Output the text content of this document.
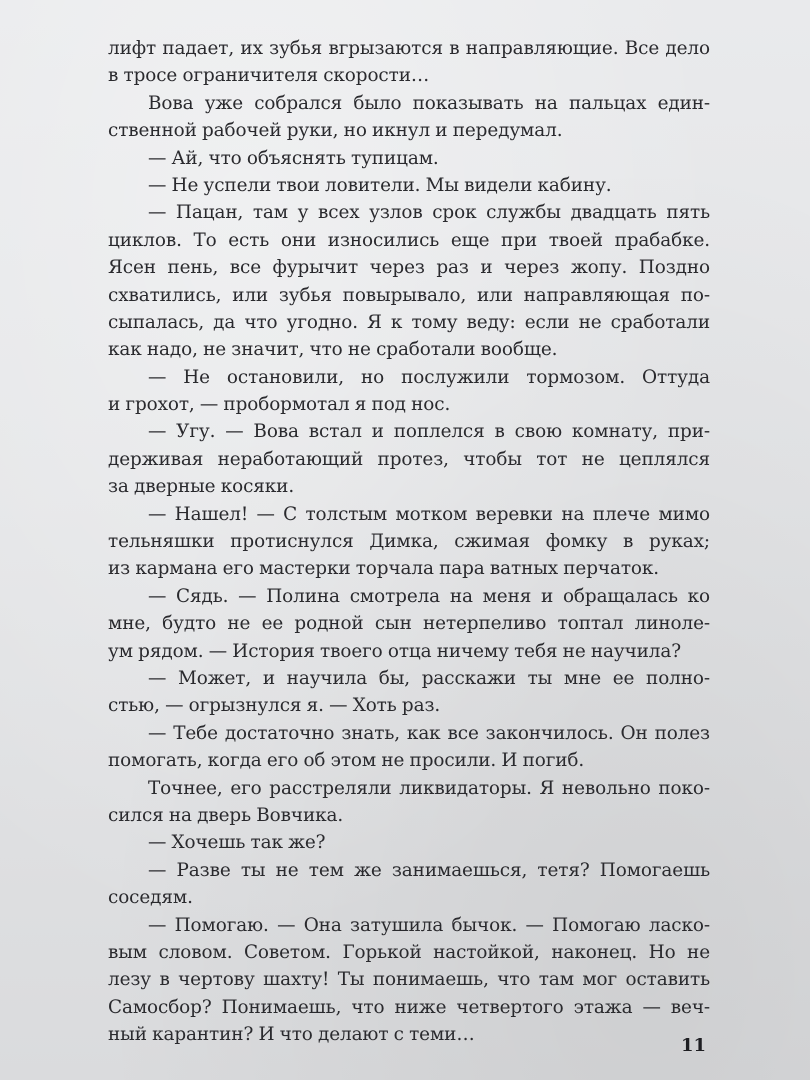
лифт падает, их зубья вгрызаются в направляющие. Все дело
в тросе ограничителя скорости…
Вова уже собрался было показывать на пальцах един-
ственной рабочей руки, но икнул и передумал.
— Ай, что объяснять тупицам.
— Не успели твои ловители. Мы видели кабину.
— Пацан, там у всех узлов срок службы двадцать пять
циклов. То есть они износились еще при твоей прабабке.
Ясен пень, все фурычит через раз и через жопу. Поздно
схватились, или зубья повырывало, или направляющая по-
сыпалась, да что угодно. Я к тому веду: если не сработали
как надо, не значит, что не сработали вообще.
— Не остановили, но послужили тормозом. Оттуда
и грохот, — пробормотал я под нос.
— Угу. — Вова встал и поплелся в свою комнату, при-
держивая неработающий протез, чтобы тот не цеплялся
за дверные косяки.
— Нашел! — С толстым мотком веревки на плече мимо
тельняшки протиснулся Димка, сжимая фомку в руках;
из кармана его мастерки торчала пара ватных перчаток.
— Сядь. — Полина смотрела на меня и обращалась ко
мне, будто не ее родной сын нетерпеливо топтал линоле-
ум рядом. — История твоего отца ничему тебя не научила?
— Может, и научила бы, расскажи ты мне ее полно-
стью, — огрызнулся я. — Хоть раз.
— Тебе достаточно знать, как все закончилось. Он полез
помогать, когда его об этом не просили. И погиб.
Точнее, его расстреляли ликвидаторы. Я невольно поко-
сился на дверь Вовчика.
— Хочешь так же?
— Разве ты не тем же занимаешься, тетя? Помогаешь
соседям.
— Помогаю. — Она затушила бычок. — Помогаю ласко-
вым словом. Советом. Горькой настойкой, наконец. Но не
лезу в чертову шахту! Ты понимаешь, что там мог оставить
Самосбор? Понимаешь, что ниже четвертого этажа — веч-
ный карантин? И что делают с теми…
11
